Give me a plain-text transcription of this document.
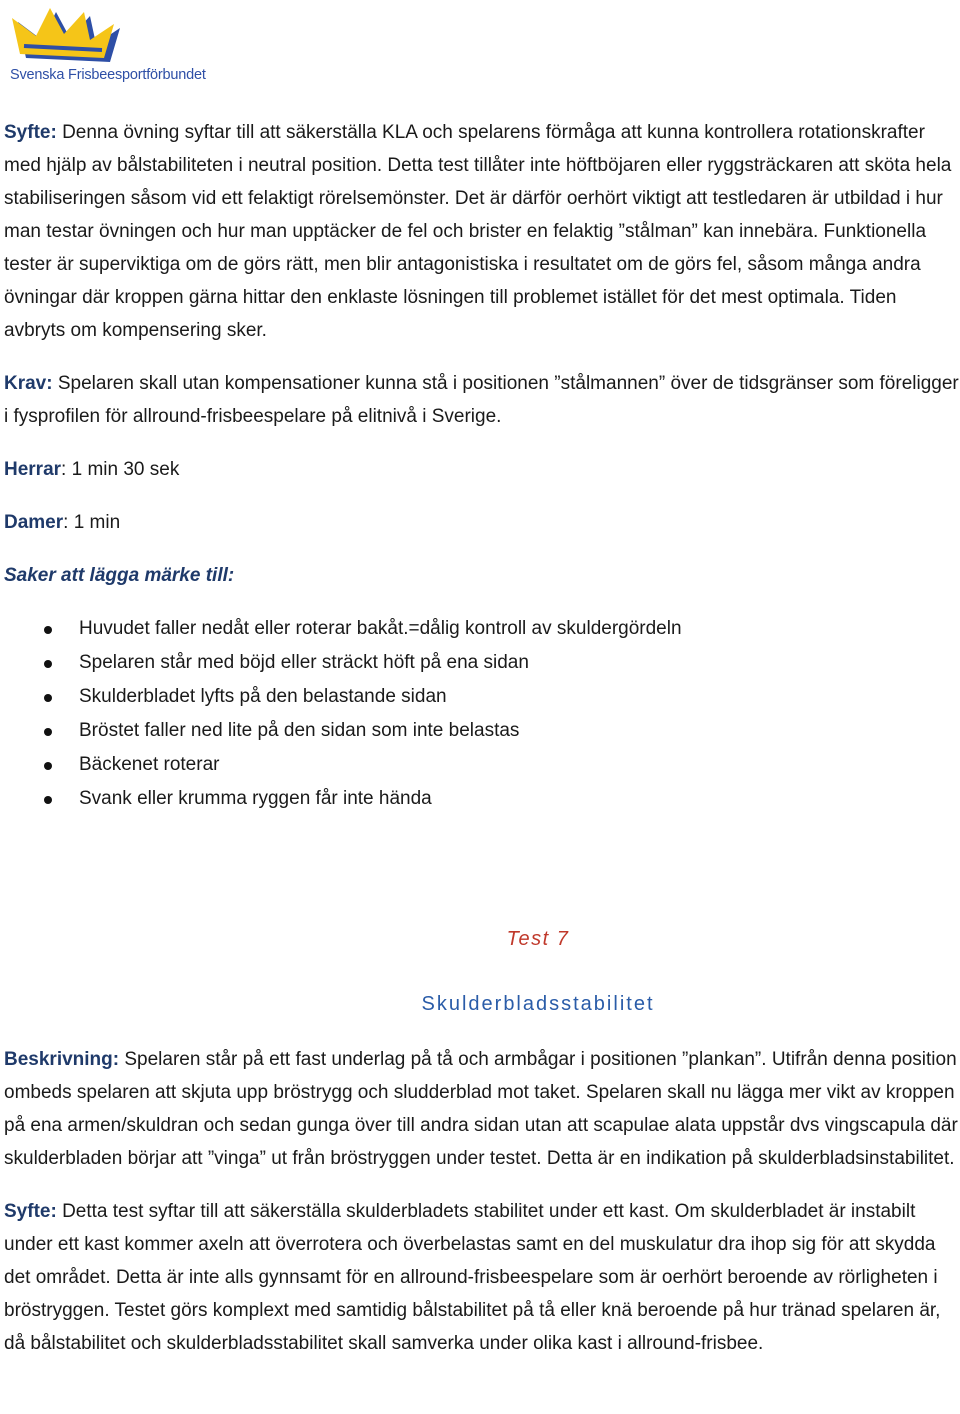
Svenska Frisbeesportförbundet

Syfte: Denna övning syftar till att säkerställa KLA och spelarens förmåga att kunna kontrollera rotationskrafter med hjälp av bålstabiliteten i neutral position. Detta test tillåter inte höftböjaren eller ryggsträckaren att sköta hela stabiliseringen såsom vid ett felaktigt rörelsemönster. Det är därför oerhört viktigt att testledaren är utbildad i hur man testar övningen och hur man upptäcker de fel och brister en felaktig ”stålman” kan innebära. Funktionella tester är superviktiga om de görs rätt, men blir antagonistiska i resultatet om de görs fel, såsom många andra övningar där kroppen gärna hittar den enklaste lösningen till problemet istället för det mest optimala. Tiden avbryts om kompensering sker.

Krav: Spelaren skall utan kompensationer kunna stå i positionen ”stålmannen” över de tidsgränser som föreligger i fysprofilen för allround-frisbeespelare på elitnivå i Sverige.

Herrar: 1 min 30 sek

Damer: 1 min

Saker att lägga märke till:

Huvudet faller nedåt eller roterar bakåt.=dålig kontroll av skuldergördeln
Spelaren står med böjd eller sträckt höft på ena sidan
Skulderbladet lyfts på den belastande sidan
Bröstet faller ned lite på den sidan som inte belastas
Bäckenet roterar
Svank eller krumma ryggen får inte hända
Test 7
Skulderbladsstabilitet

Beskrivning: Spelaren står på ett fast underlag på tå och armbågar i positionen ”plankan”. Utifrån denna position ombeds spelaren att skjuta upp bröstrygg och sludderblad mot taket. Spelaren skall nu lägga mer vikt av kroppen på ena armen/skuldran och sedan gunga över till andra sidan utan att scapulae alata uppstår dvs vingscapula där skulderbladen börjar att ”vinga” ut från bröstryggen under testet. Detta är en indikation på skulderbladsinstabilitet.

Syfte: Detta test syftar till att säkerställa skulderbladets stabilitet under ett kast. Om skulderbladet är instabilt under ett kast kommer axeln att överrotera och överbelastas samt en del muskulatur dra ihop sig för att skydda det området. Detta är inte alls gynnsamt för en allround-frisbeespelare som är oerhört beroende av rörligheten i bröstryggen. Testet görs komplext med samtidig bålstabilitet på tå eller knä beroende på hur tränad spelaren är, då bålstabilitet och skulderbladsstabilitet skall samverka under olika kast i allround-frisbee.
